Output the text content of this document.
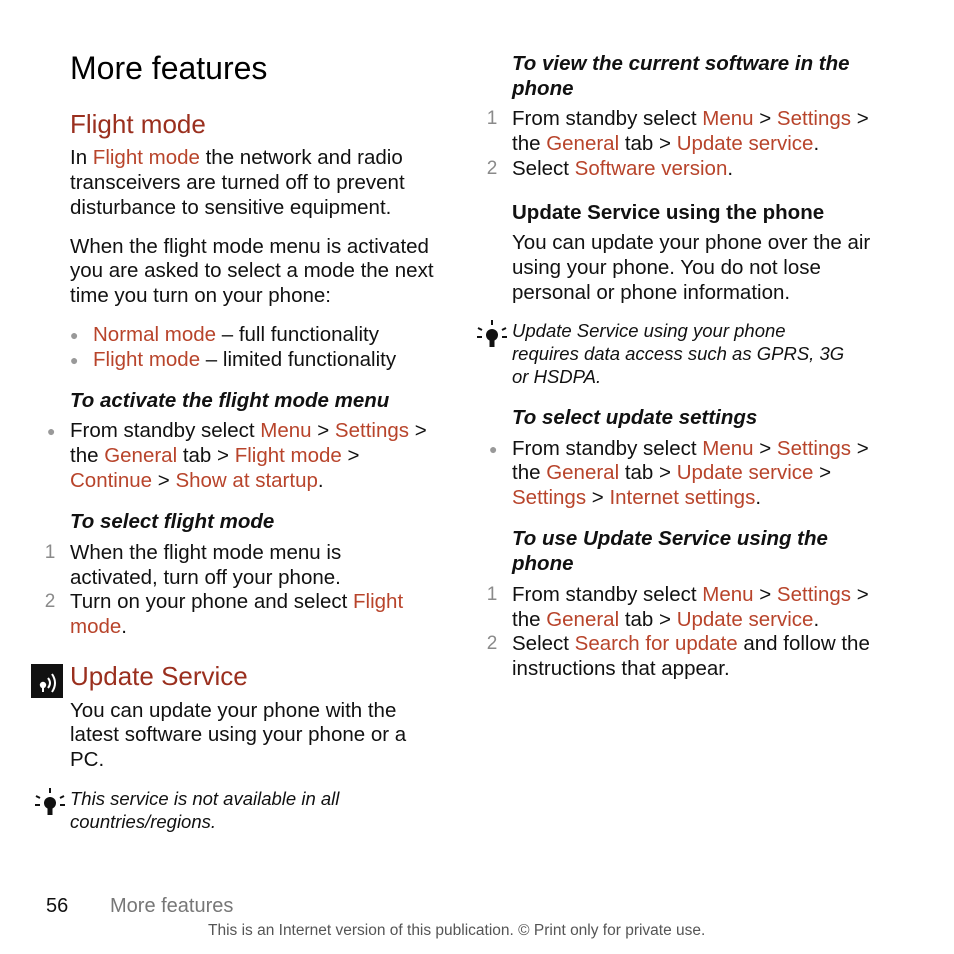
More features
Flight mode
In Flight mode the network and radio
transceivers are turned off to prevent
disturbance to sensitive equipment.
When the flight mode menu is activated
you are asked to select a mode the next
time you turn on your phone:
● Normal mode – full functionality
● Flight mode – limited functionality
To activate the flight mode menu
● From standby select Menu > Settings >
the General tab > Flight mode >
Continue > Show at startup.
To select flight mode
1 When the flight mode menu is
activated, turn off your phone.
2 Turn on your phone and select Flight
mode.
Update Service
You can update your phone with the
latest software using your phone or a
PC.
This service is not available in all
countries/regions.
To view the current software in the
phone
1 From standby select Menu > Settings >
the General tab > Update service.
2 Select Software version.
Update Service using the phone
You can update your phone over the air
using your phone. You do not lose
personal or phone information.
Update Service using your phone
requires data access such as GPRS, 3G
or HSDPA.
To select update settings
● From standby select Menu > Settings >
the General tab > Update service >
Settings > Internet settings.
To use Update Service using the
phone
1 From standby select Menu > Settings >
the General tab > Update service.
2 Select Search for update and follow the
instructions that appear.
56 More features
This is an Internet version of this publication. © Print only for private use.
